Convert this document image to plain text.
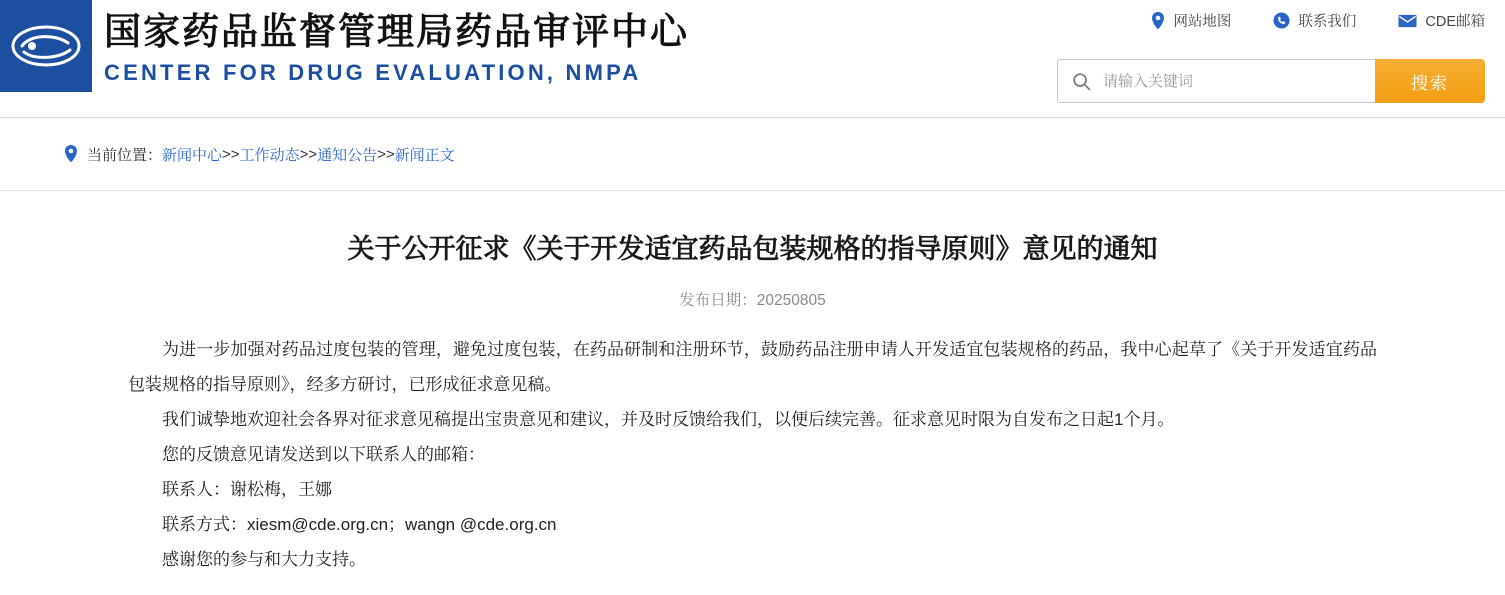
国家药品监督管理局药品审评中心
CENTER FOR DRUG EVALUATION, NMPA
网站地图	联系我们	CDE邮箱
请输入关键词
搜索
当前位置： 新闻中心 >> 工作动态 >> 通知公告 >> 新闻正文
关于公开征求《关于开发适宜药品包装规格的指导原则》意见的通知
发布日期：20250805

为进一步加强对药品过度包装的管理，避免过度包装，在药品研制和注册环节，鼓励药品注册申请人开发适宜包装规格的药品，我中心起草了《关于开发适宜药品包装规格的指导原则》，经多方研讨，已形成征求意见稿。

我们诚挚地欢迎社会各界对征求意见稿提出宝贵意见和建议，并及时反馈给我们，以便后续完善。征求意见时限为自发布之日起1个月。

您的反馈意见请发送到以下联系人的邮箱：

联系人：谢松梅，王娜

联系方式：xiesm@cde.org.cn；wangn @cde.org.cn

感谢您的参与和大力支持。
